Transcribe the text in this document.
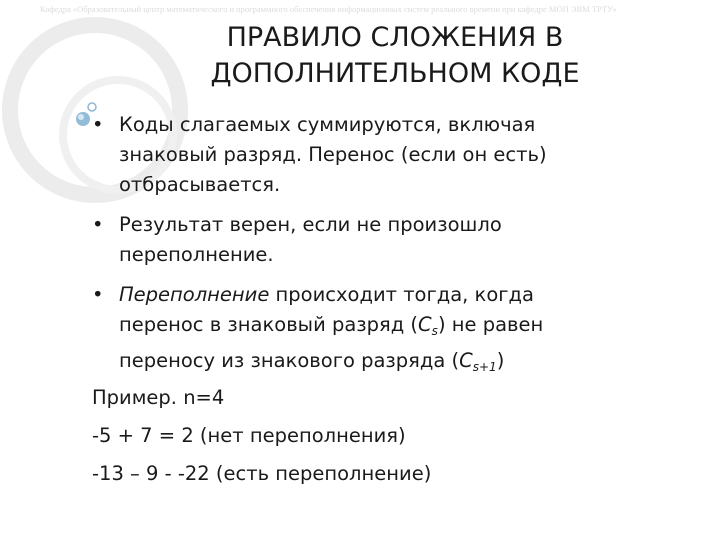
Кафедра «Образовательный центр математического и программного обеспечения информационных систем реального времени при кафедре МОП ЭВМ ТРТУ»
ПРАВИЛО СЛОЖЕНИЯ В
ДОПОЛНИТЕЛЬНОМ КОДЕ
• Коды слагаемых суммируются, включая
знаковый разряд. Перенос (если он есть)
отбрасывается.
• Результат верен, если не произошло
переполнение.
• Переполнение происходит тогда, когда
перенос в знаковый разряд $(C_s)$ не равен
переносу из знакового разряда $(C_{s+1})$
Пример. n=4
-5 + 7 = 2 (нет переполнения)
-13 – 9 - -22 (есть переполнение)
